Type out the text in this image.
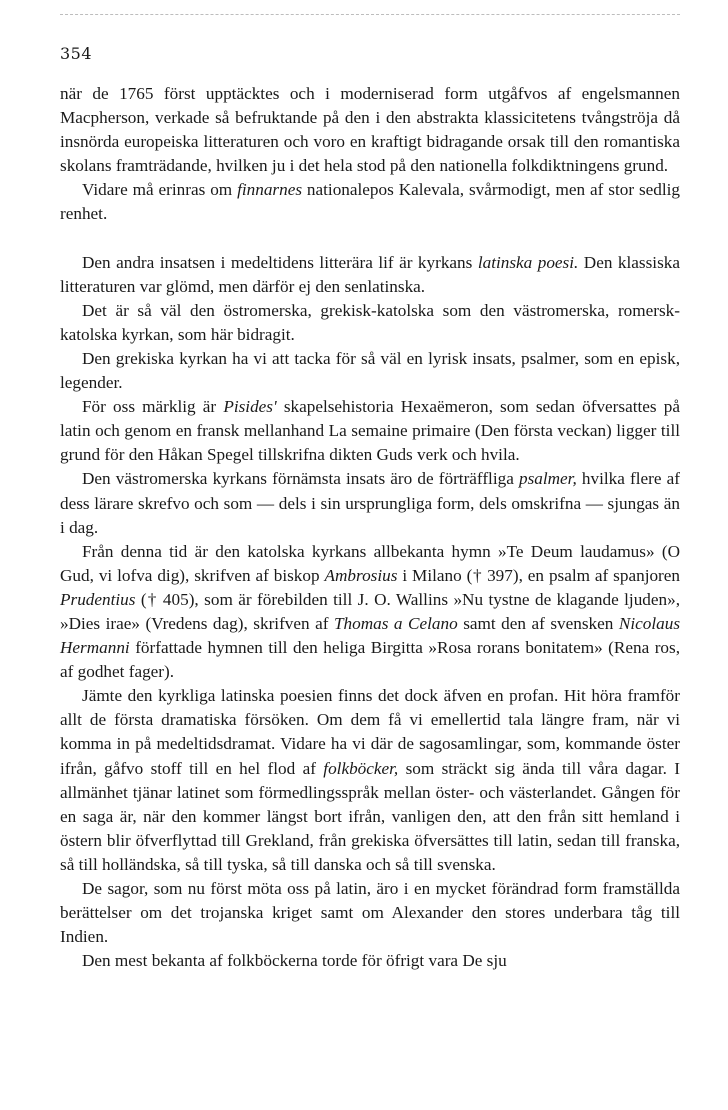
354

när de 1765 först upptäcktes och i moderniserad form utgåfvos af engelsmannen Macpherson, verkade så befruktande på den i den abstrakta klassicitetens tvångströja då insnörda europeiska litteraturen och voro en kraftigt bidragande orsak till den romantiska skolans framträdande, hvilken ju i det hela stod på den nationella folkdiktningens grund.

Vidare må erinras om finnarnes nationalepos Kalevala, svårmodigt, men af stor sedlig renhet.

Den andra insatsen i medeltidens litterära lif är kyrkans latinska poesi. Den klassiska litteraturen var glömd, men därför ej den senlatinska.

Det är så väl den östromerska, grekisk-katolska som den västromerska, romersk-katolska kyrkan, som här bidragit.

Den grekiska kyrkan ha vi att tacka för så väl en lyrisk insats, psalmer, som en episk, legender.

För oss märklig är Pisides' skapelsehistoria Hexaëmeron, som sedan öfversattes på latin och genom en fransk mellanhand La semaine primaire (Den första veckan) ligger till grund för den Håkan Spegel tillskrifna dikten Guds verk och hvila.

Den västromerska kyrkans förnämsta insats äro de förträffliga psalmer, hvilka flere af dess lärare skrefvo och som — dels i sin ursprungliga form, dels omskrifna — sjungas än i dag.

Från denna tid är den katolska kyrkans allbekanta hymn »Te Deum laudamus» (O Gud, vi lofva dig), skrifven af biskop Ambrosius i Milano († 397), en psalm af spanjoren Prudentius († 405), som är förebilden till J. O. Wallins »Nu tystne de klagande ljuden», »Dies irae» (Vredens dag), skrifven af Thomas a Celano samt den af svensken Nicolaus Hermanni författade hymnen till den heliga Birgitta »Rosa rorans bonitatem» (Rena ros, af godhet fager).

Jämte den kyrkliga latinska poesien finns det dock äfven en profan. Hit höra framför allt de första dramatiska försöken. Om dem få vi emellertid tala längre fram, när vi komma in på medeltidsdramat. Vidare ha vi där de sagosamlingar, som, kommande öster ifrån, gåfvo stoff till en hel flod af folkböcker, som sträckt sig ända till våra dagar. I allmänhet tjänar latinet som förmedlingsspråk mellan öster- och västerlandet. Gången för en saga är, när den kommer längst bort ifrån, vanligen den, att den från sitt hemland i östern blir öfverflyttad till Grekland, från grekiska öfversättes till latin, sedan till franska, så till holländska, så till tyska, så till danska och så till svenska.

De sagor, som nu först möta oss på latin, äro i en mycket förändrad form framställda berättelser om det trojanska kriget samt om Alexander den stores underbara tåg till Indien.

Den mest bekanta af folkböckerna torde för öfrigt vara De sju
